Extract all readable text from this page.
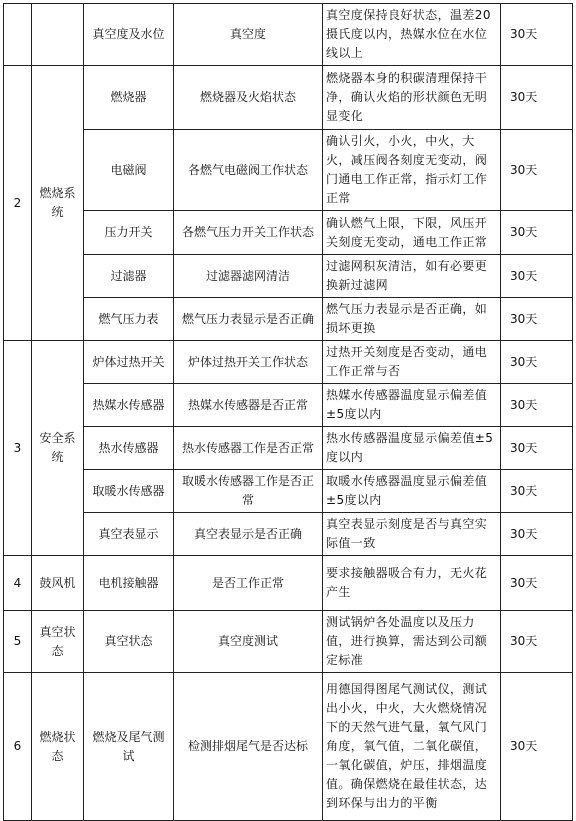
		真空度及水位	真空度	真空度保持良好状态，温差20摄氏度以内，热媒水位在水位线以上	30天
2	燃烧系统	燃烧器	燃烧器及火焰状态	燃烧器本身的积碳清理保持干净，确认火焰的形状颜色无明显变化	30天
		电磁阀	各燃气电磁阀工作状态	确认引火，小火，中火，大火，减压阀各刻度无变动，阀门通电工作正常，指示灯工作正常	30天
		压力开关	各燃气压力开关工作状态	确认燃气上限，下限，风压开关刻度无变动，通电工作正常	30天
		过滤器	过滤器滤网清洁	过滤网积灰清洁，如有必要更换新过滤网	30天
		燃气压力表	燃气压力表显示是否正确	燃气压力表显示是否正确，如损坏更换	30天
3	安全系统	炉体过热开关	炉体过热开关工作状态	过热开关刻度是否变动，通电工作正常与否	30天
		热媒水传感器	热媒水传感器是否正常	热媒水传感器温度显示偏差值±5度以内	30天
		热水传感器	热水传感器工作是否正常	热水传感器温度显示偏差值±5度以内	30天
		取暖水传感器	取暖水传感器工作是否正常	取暖水传感器温度显示偏差值±5度以内	30天
		真空表显示	真空表显示是否正确	真空表显示刻度是否与真空实际值一致	30天
4	鼓风机	电机接触器	是否工作正常	要求接触器吸合有力，无火花产生	30天
5	真空状态	真空状态	真空度测试	测试锅炉各处温度以及压力值，进行换算，需达到公司额定标准	30天
6	燃烧状态	燃烧及尾气测试	检测排烟尾气是否达标	用德国得图尾气测试仪，测试出小火，中火，大火燃烧情况下的天然气进气量，氧气风门角度，氧气值，二氧化碳值，一氧化碳值，炉压，排烟温度值。确保燃烧在最佳状态，达到环保与出力的平衡	30天
